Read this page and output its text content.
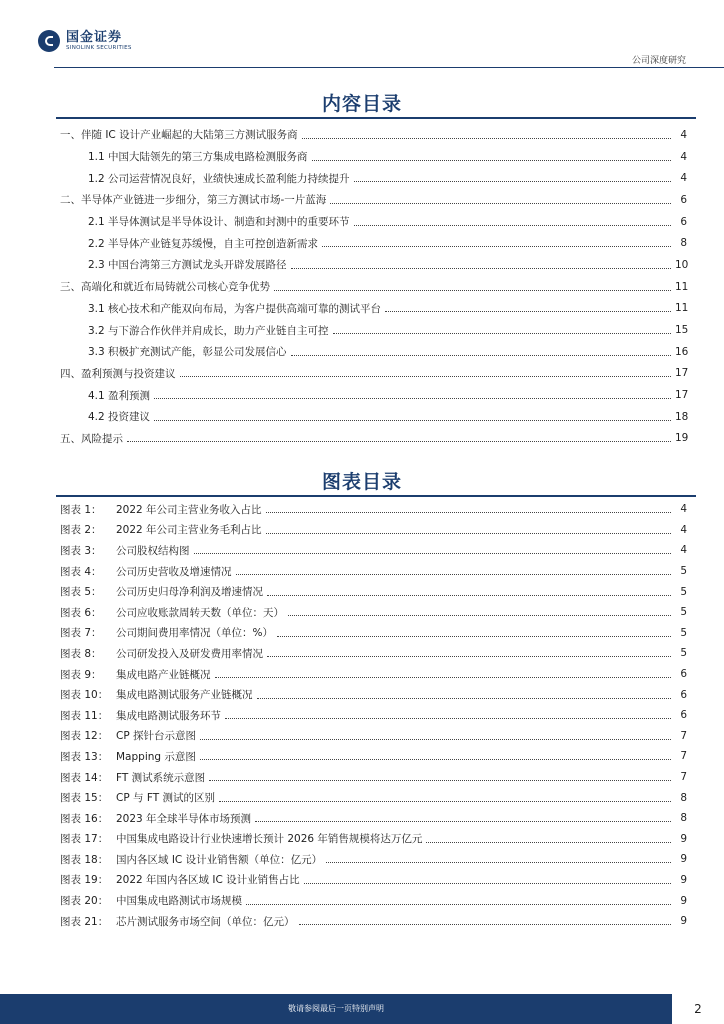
国金证券
SINOLINK SECURITIES
公司深度研究
内容目录
一、伴随 IC 设计产业崛起的大陆第三方测试服务商	4
1.1 中国大陆领先的第三方集成电路检测服务商	4
1.2 公司运营情况良好，业绩快速成长盈利能力持续提升	4
二、半导体产业链进一步细分，第三方测试市场-一片蓝海	6
2.1 半导体测试是半导体设计、制造和封测中的重要环节	6
2.2 半导体产业链复苏缓慢，自主可控创造新需求	8
2.3 中国台湾第三方测试龙头开辟发展路径	10
三、高端化和就近布局铸就公司核心竞争优势	11
3.1 核心技术和产能双向布局，为客户提供高端可靠的测试平台	11
3.2 与下游合作伙伴并肩成长，助力产业链自主可控	15
3.3 积极扩充测试产能，彰显公司发展信心	16
四、盈利预测与投资建议	17
4.1 盈利预测	17
4.2 投资建议	18
五、风险提示	19
图表目录
图表 1：	2022 年公司主营业务收入占比	4
图表 2：	2022 年公司主营业务毛利占比	4
图表 3：	公司股权结构图	4
图表 4：	公司历史营收及增速情况	5
图表 5：	公司历史归母净利润及增速情况	5
图表 6：	公司应收账款周转天数（单位：天）	5
图表 7：	公司期间费用率情况（单位：%）	5
图表 8：	公司研发投入及研发费用率情况	5
图表 9：	集成电路产业链概况	6
图表 10： 集成电路测试服务产业链概况	6
图表 11： 集成电路测试服务环节	6
图表 12： CP 探针台示意图	7
图表 13： Mapping 示意图	7
图表 14： FT 测试系统示意图	7
图表 15： CP 与 FT 测试的区别	8
图表 16： 2023 年全球半导体市场预测	8
图表 17： 中国集成电路设计行业快速增长预计 2026 年销售规模将达万亿元	9
图表 18： 国内各区域 IC 设计业销售额（单位：亿元）	9
图表 19： 2022 年国内各区域 IC 设计业销售占比	9
图表 20： 中国集成电路测试市场规模	9
图表 21： 芯片测试服务市场空间（单位：亿元）	9
敬请参阅最后一页特别声明	2
